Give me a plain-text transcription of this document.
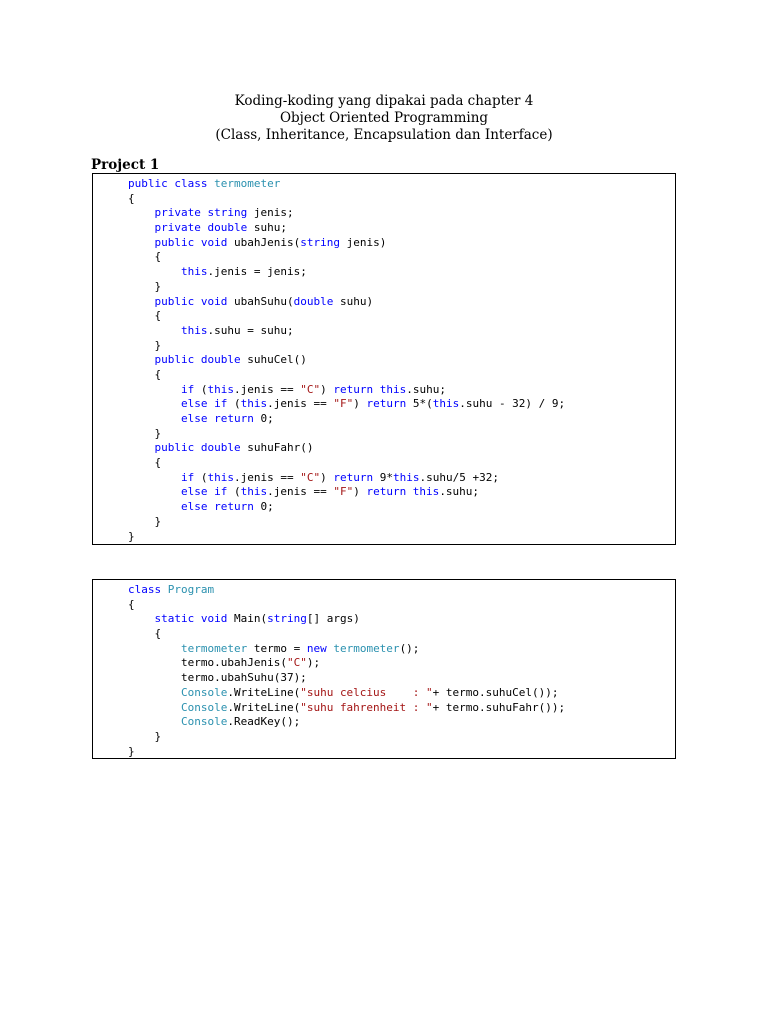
Koding-koding yang dipakai pada chapter 4
Object Oriented Programming
(Class, Inheritance, Encapsulation dan Interface)
Project 1
public class termometer
{
private string jenis;
private double suhu;
public void ubahJenis(string jenis)
{
this.jenis = jenis;
}
public void ubahSuhu(double suhu)
{
this.suhu = suhu;
}
public double suhuCel()
{
if (this.jenis == "C") return this.suhu;
else if (this.jenis == "F") return 5*(this.suhu - 32) / 9;
else return 0;
}
public double suhuFahr()
{
if (this.jenis == "C") return 9*this.suhu/5 +32;
else if (this.jenis == "F") return this.suhu;
else return 0;
}
}
class Program
{
static void Main(string[] args)
{
termometer termo = new termometer();
termo.ubahJenis("C");
termo.ubahSuhu(37);
Console.WriteLine("suhu celcius    : "+ termo.suhuCel());
Console.WriteLine("suhu fahrenheit : "+ termo.suhuFahr());
Console.ReadKey();
}
}
